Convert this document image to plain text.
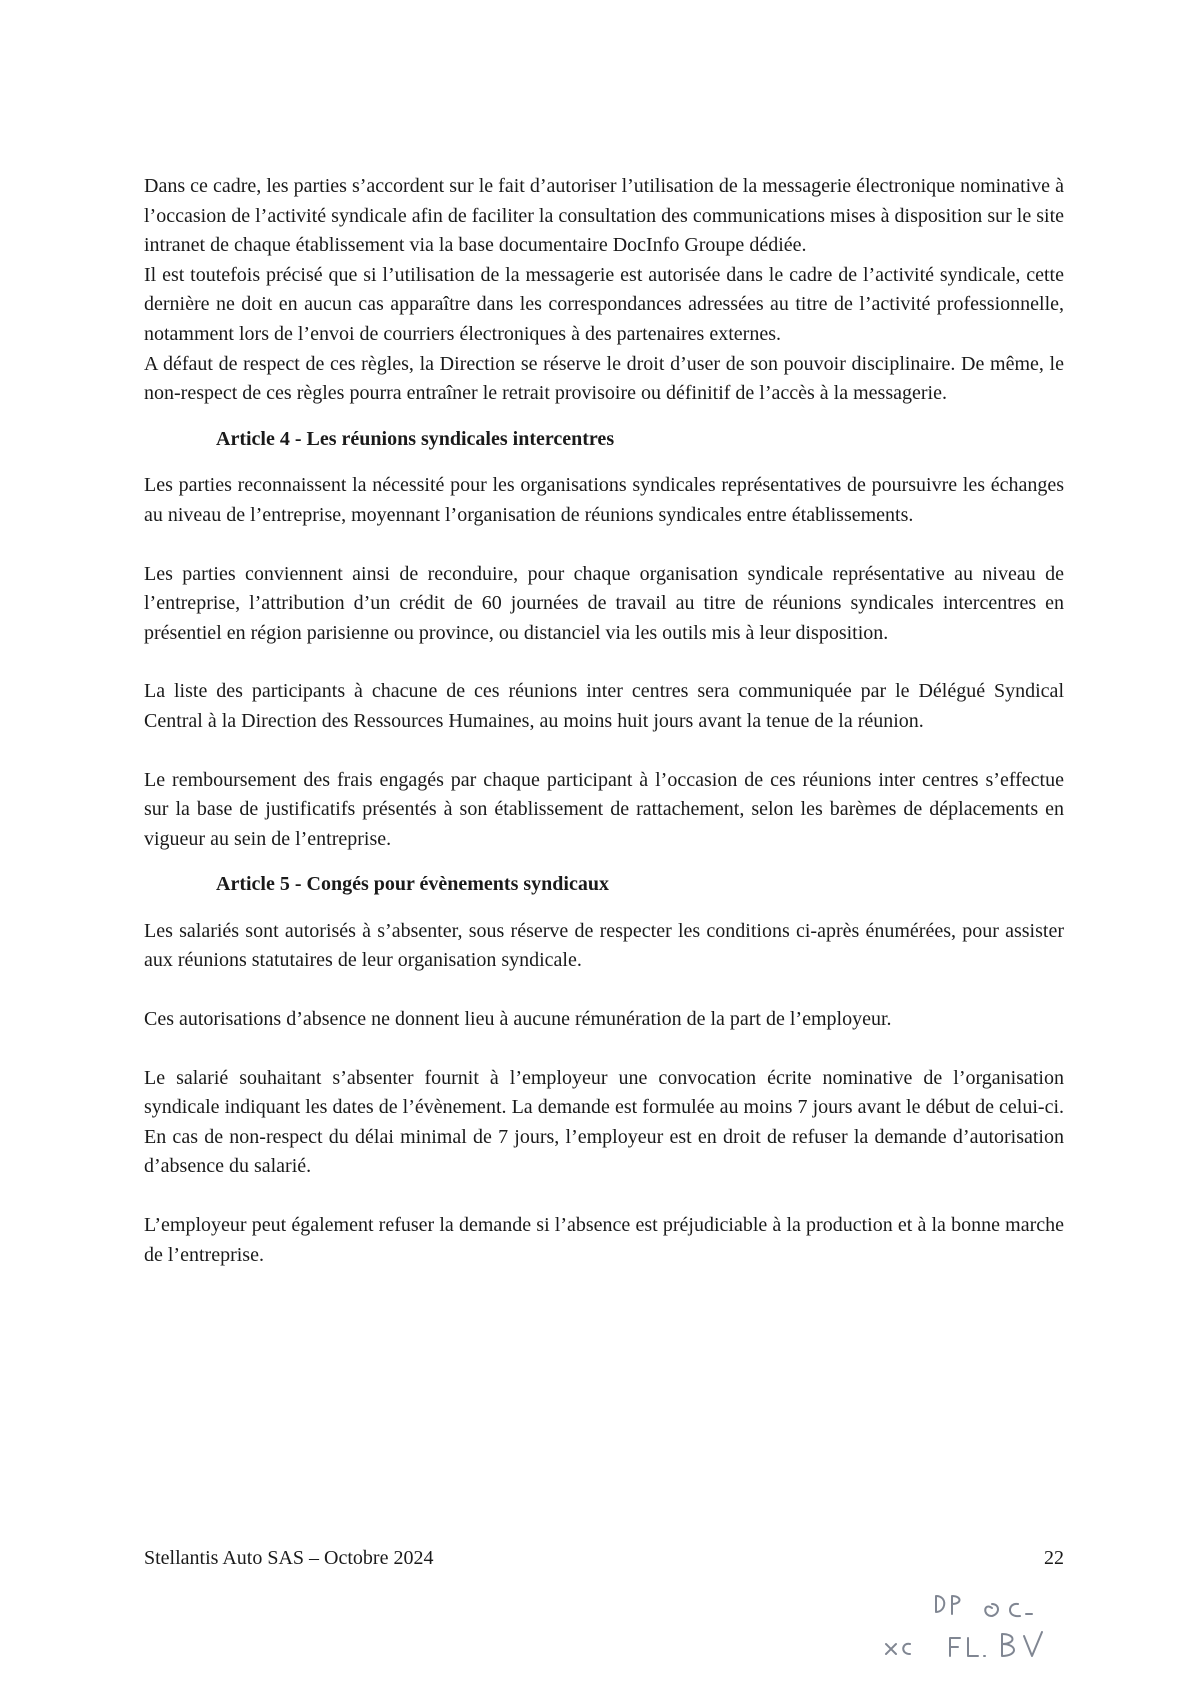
Dans ce cadre, les parties s’accordent sur le fait d’autoriser l’utilisation de la messagerie électronique nominative à l’occasion de l’activité syndicale afin de faciliter la consultation des communications mises à disposition sur le site intranet de chaque établissement via la base documentaire DocInfo Groupe dédiée.

Il est toutefois précisé que si l’utilisation de la messagerie est autorisée dans le cadre de l’activité syndicale, cette dernière ne doit en aucun cas apparaître dans les correspondances adressées au titre de l’activité professionnelle, notamment lors de l’envoi de courriers électroniques à des partenaires externes.

A défaut de respect de ces règles, la Direction se réserve le droit d’user de son pouvoir disciplinaire. De même, le non-respect de ces règles pourra entraîner le retrait provisoire ou définitif de l’accès à la messagerie.

Article 4 - Les réunions syndicales intercentres

Les parties reconnaissent la nécessité pour les organisations syndicales représentatives de poursuivre les échanges au niveau de l’entreprise, moyennant l’organisation de réunions syndicales entre établissements.

Les parties conviennent ainsi de reconduire, pour chaque organisation syndicale représentative au niveau de l’entreprise, l’attribution d’un crédit de 60 journées de travail au titre de réunions syndicales intercentres en présentiel en région parisienne ou province, ou distanciel via les outils mis à leur disposition.

La liste des participants à chacune de ces réunions inter centres sera communiquée par le Délégué Syndical Central à la Direction des Ressources Humaines, au moins huit jours avant la tenue de la réunion.

Le remboursement des frais engagés par chaque participant à l’occasion de ces réunions inter centres s’effectue sur la base de justificatifs présentés à son établissement de rattachement, selon les barèmes de déplacements en vigueur au sein de l’entreprise.

Article 5 - Congés pour évènements syndicaux

Les salariés sont autorisés à s’absenter, sous réserve de respecter les conditions ci-après énumérées, pour assister aux réunions statutaires de leur organisation syndicale.

Ces autorisations d’absence ne donnent lieu à aucune rémunération de la part de l’employeur.

Le salarié souhaitant s’absenter fournit à l’employeur une convocation écrite nominative de l’organisation syndicale indiquant les dates de l’évènement. La demande est formulée au moins 7 jours avant le début de celui-ci. En cas de non-respect du délai minimal de 7 jours, l’employeur est en droit de refuser la demande d’autorisation d’absence du salarié.

L’employeur peut également refuser la demande si l’absence est préjudiciable à la production et à la bonne marche de l’entreprise.

Stellantis Auto SAS – Octobre 2024	22
